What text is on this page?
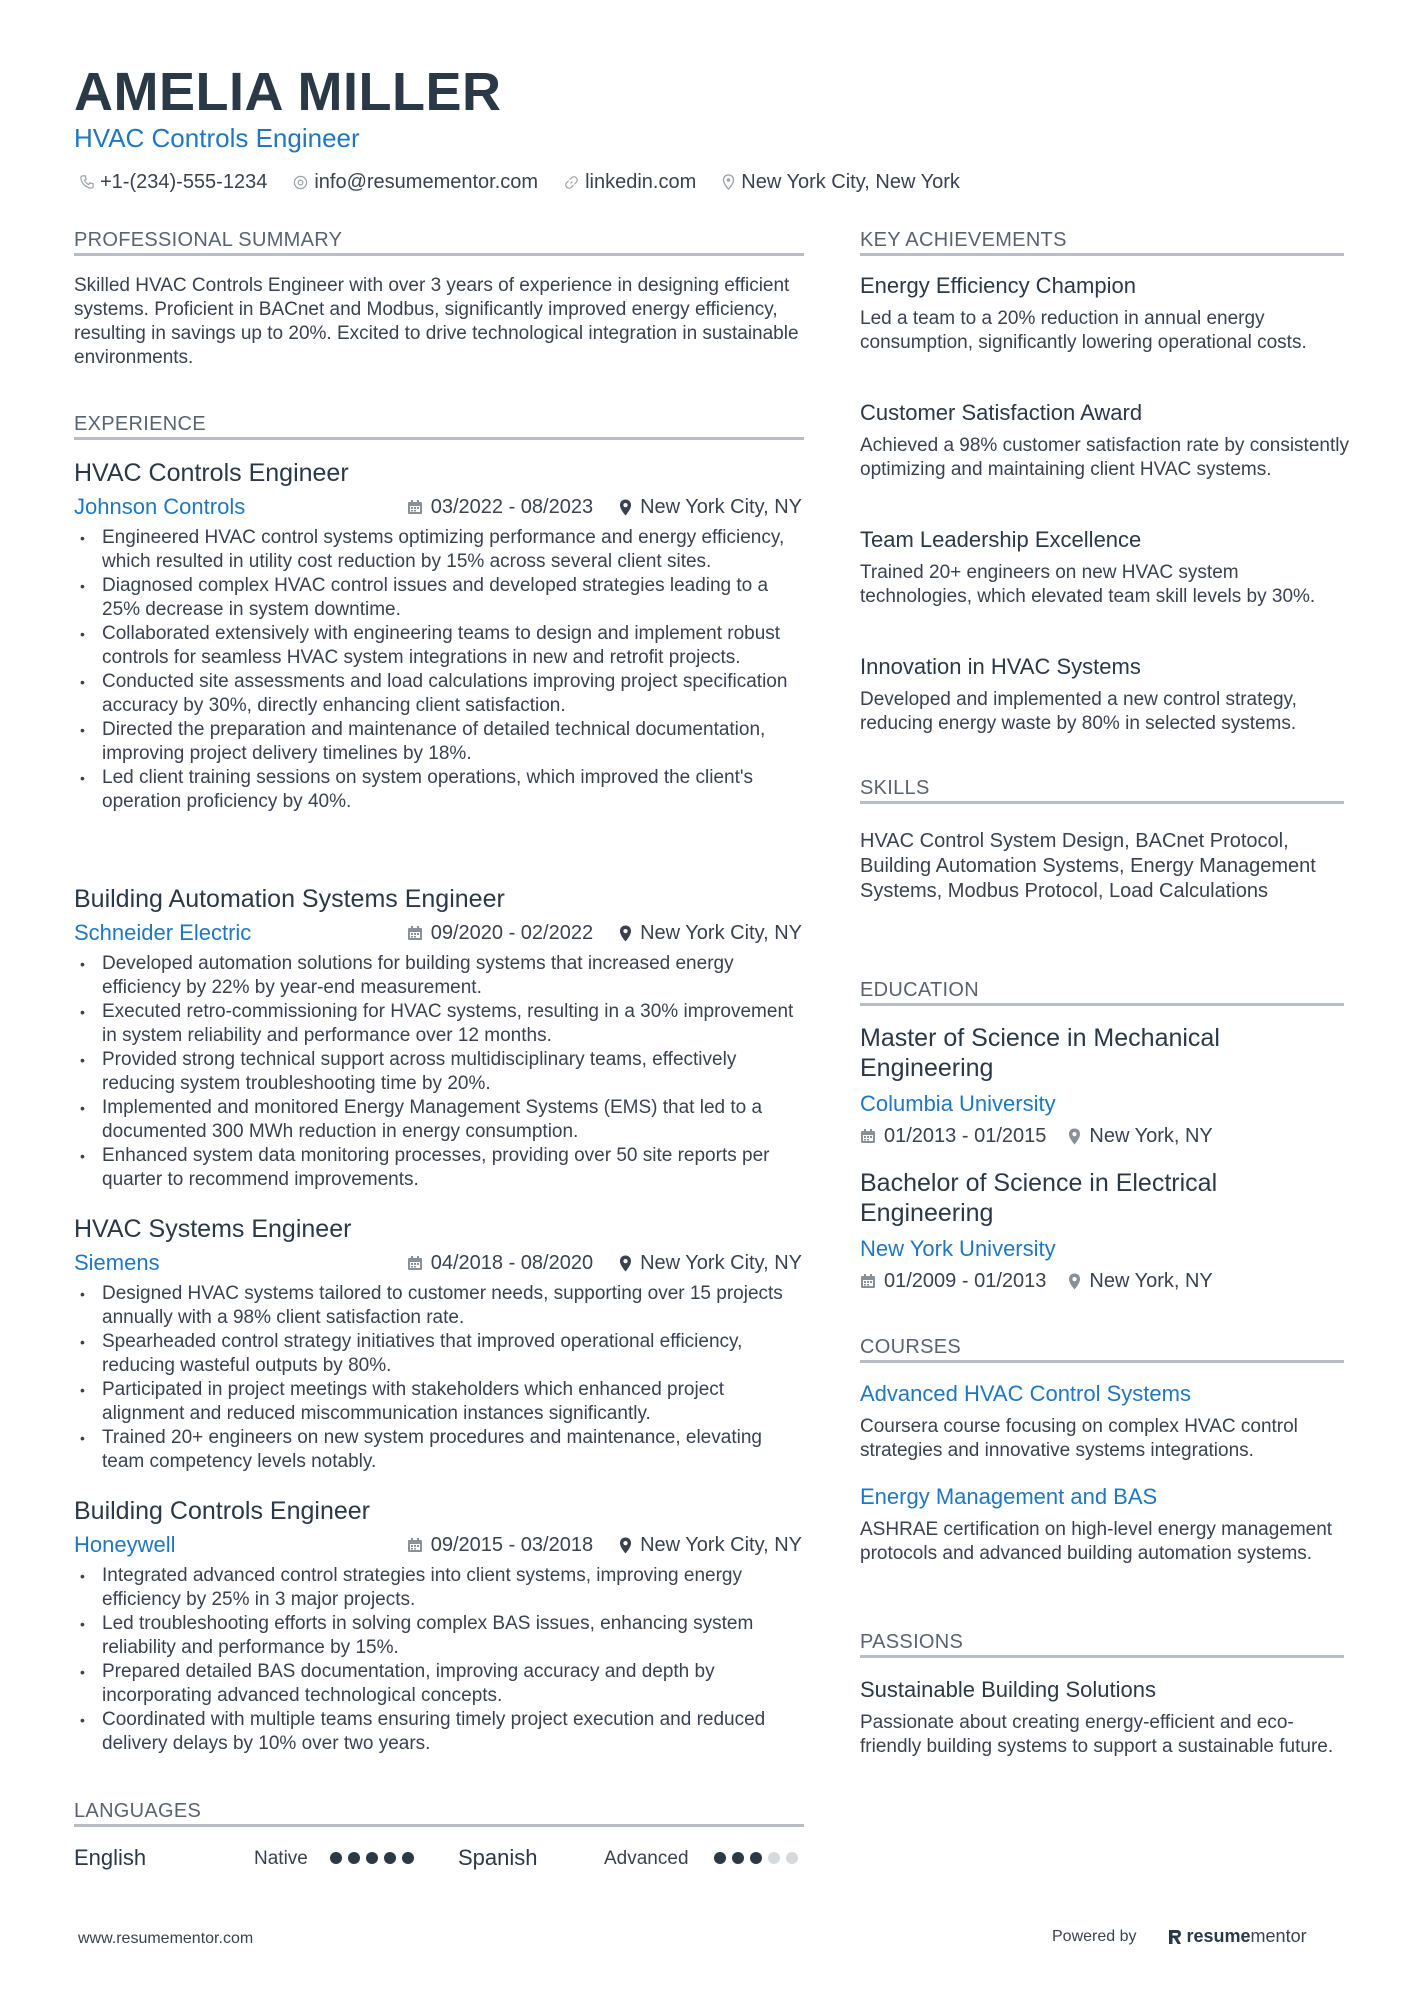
AMELIA MILLER
HVAC Controls Engineer
+1-(234)-555-1234 info@resumementor.com linkedin.com New York City, New York
PROFESSIONAL SUMMARY
Skilled HVAC Controls Engineer with over 3 years of experience in designing efficient systems. Proficient in BACnet and Modbus, significantly improved energy efficiency, resulting in savings up to 20%. Excited to drive technological integration in sustainable environments.
EXPERIENCE
HVAC Controls Engineer
Johnson Controls	03/2022 - 08/2023 New York City, NY
• Engineered HVAC control systems optimizing performance and energy efficiency, which resulted in utility cost reduction by 15% across several client sites.
• Diagnosed complex HVAC control issues and developed strategies leading to a 25% decrease in system downtime.
• Collaborated extensively with engineering teams to design and implement robust controls for seamless HVAC system integrations in new and retrofit projects.
• Conducted site assessments and load calculations improving project specification accuracy by 30%, directly enhancing client satisfaction.
• Directed the preparation and maintenance of detailed technical documentation, improving project delivery timelines by 18%.
• Led client training sessions on system operations, which improved the client's operation proficiency by 40%.
Building Automation Systems Engineer
Schneider Electric	09/2020 - 02/2022 New York City, NY
• Developed automation solutions for building systems that increased energy efficiency by 22% by year-end measurement.
• Executed retro-commissioning for HVAC systems, resulting in a 30% improvement in system reliability and performance over 12 months.
• Provided strong technical support across multidisciplinary teams, effectively reducing system troubleshooting time by 20%.
• Implemented and monitored Energy Management Systems (EMS) that led to a documented 300 MWh reduction in energy consumption.
• Enhanced system data monitoring processes, providing over 50 site reports per quarter to recommend improvements.
HVAC Systems Engineer
Siemens	04/2018 - 08/2020 New York City, NY
• Designed HVAC systems tailored to customer needs, supporting over 15 projects annually with a 98% client satisfaction rate.
• Spearheaded control strategy initiatives that improved operational efficiency, reducing wasteful outputs by 80%.
• Participated in project meetings with stakeholders which enhanced project alignment and reduced miscommunication instances significantly.
• Trained 20+ engineers on new system procedures and maintenance, elevating team competency levels notably.
Building Controls Engineer
Honeywell	09/2015 - 03/2018 New York City, NY
• Integrated advanced control strategies into client systems, improving energy efficiency by 25% in 3 major projects.
• Led troubleshooting efforts in solving complex BAS issues, enhancing system reliability and performance by 15%.
• Prepared detailed BAS documentation, improving accuracy and depth by incorporating advanced technological concepts.
• Coordinated with multiple teams ensuring timely project execution and reduced delivery delays by 10% over two years.
LANGUAGES
English	Native	Spanish	Advanced
KEY ACHIEVEMENTS
Energy Efficiency Champion
Led a team to a 20% reduction in annual energy consumption, significantly lowering operational costs.
Customer Satisfaction Award
Achieved a 98% customer satisfaction rate by consistently optimizing and maintaining client HVAC systems.
Team Leadership Excellence
Trained 20+ engineers on new HVAC system technologies, which elevated team skill levels by 30%.
Innovation in HVAC Systems
Developed and implemented a new control strategy, reducing energy waste by 80% in selected systems.
SKILLS
HVAC Control System Design, BACnet Protocol, Building Automation Systems, Energy Management Systems, Modbus Protocol, Load Calculations
EDUCATION
Master of Science in Mechanical Engineering
Columbia University
01/2013 - 01/2015 New York, NY
Bachelor of Science in Electrical Engineering
New York University
01/2009 - 01/2013 New York, NY
COURSES
Advanced HVAC Control Systems
Coursera course focusing on complex HVAC control strategies and innovative systems integrations.
Energy Management and BAS
ASHRAE certification on high-level energy management protocols and advanced building automation systems.
PASSIONS
Sustainable Building Solutions
Passionate about creating energy-efficient and eco-friendly building systems to support a sustainable future.
www.resumementor.com	Powered by	resume mentor
